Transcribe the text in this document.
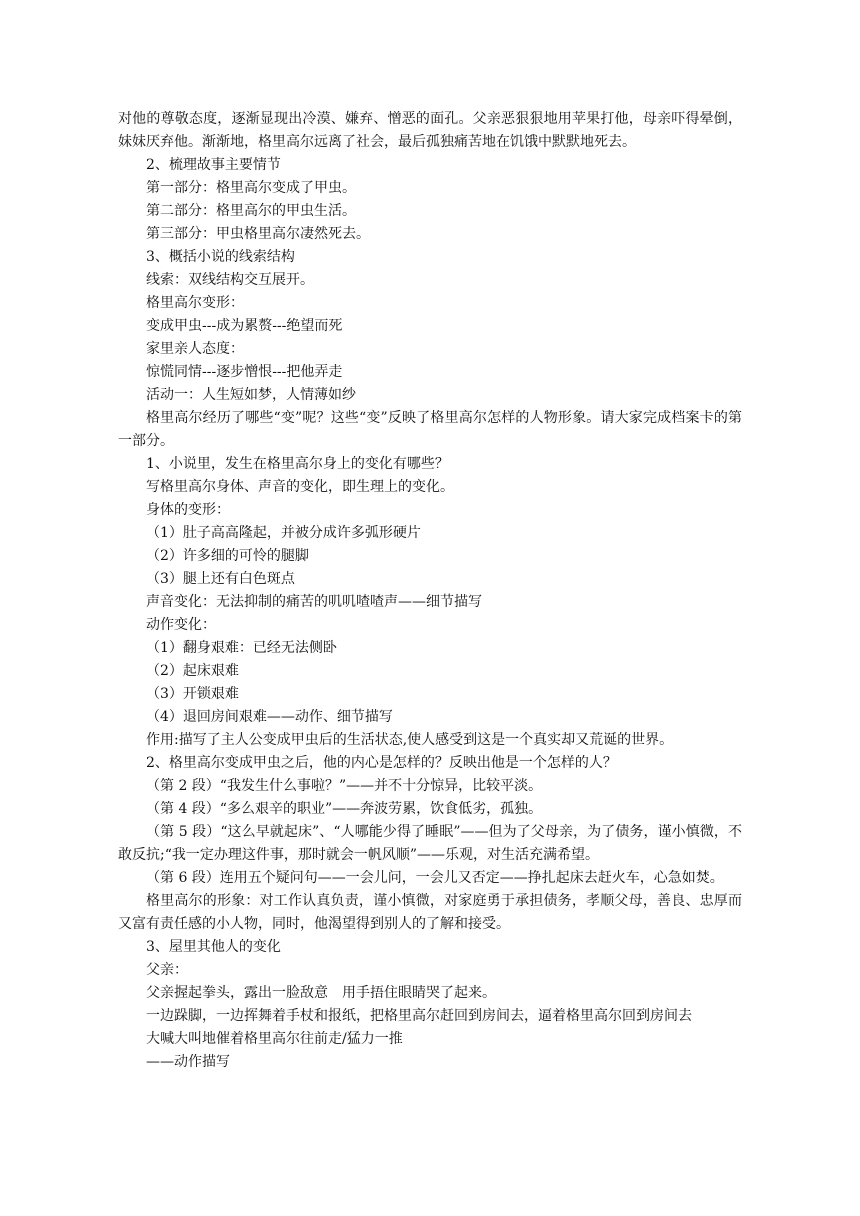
对他的尊敬态度，逐渐显现出冷漠、嫌弃、憎恶的面孔。父亲恶狠狠地用苹果打他，母亲吓得晕倒，妹妹厌弃他。渐渐地，格里高尔远离了社会，最后孤独痛苦地在饥饿中默默地死去。

2、梳理故事主要情节

第一部分：格里高尔变成了甲虫。

第二部分：格里高尔的甲虫生活。

第三部分：甲虫格里高尔凄然死去。

3、概括小说的线索结构

线索：双线结构交互展开。

格里高尔变形：

变成甲虫---成为累赘---绝望而死

家里亲人态度：

惊慌同情---逐步憎恨---把他弄走

活动一：人生短如梦，人情薄如纱

格里高尔经历了哪些“变”呢？这些“变”反映了格里高尔怎样的人物形象。请大家完成档案卡的第一部分。

1、小说里，发生在格里高尔身上的变化有哪些？

写格里高尔身体、声音的变化，即生理上的变化。

身体的变形：

（1）肚子高高隆起，并被分成许多弧形硬片

（2）许多细的可怜的腿脚

（3）腿上还有白色斑点

声音变化：无法抑制的痛苦的叽叽喳喳声——细节描写

动作变化：

（1）翻身艰难：已经无法侧卧

（2）起床艰难

（3）开锁艰难

（4）退回房间艰难——动作、细节描写

作用:描写了主人公变成甲虫后的生活状态,使人感受到这是一个真实却又荒诞的世界。

2、格里高尔变成甲虫之后，他的内心是怎样的？反映出他是一个怎样的人？

（第 2 段）“我发生什么事啦？”——并不十分惊异，比较平淡。

（第 4 段）“多么艰辛的职业”——奔波劳累，饮食低劣，孤独。

（第 5 段）“这么早就起床”、“人哪能少得了睡眠”——但为了父母亲，为了债务，谨小慎微，不敢反抗;“我一定办理这件事，那时就会一帆风顺”——乐观，对生活充满希望。

（第 6 段）连用五个疑问句——一会儿问，一会儿又否定——挣扎起床去赶火车，心急如焚。

格里高尔的形象：对工作认真负责，谨小慎微，对家庭勇于承担债务，孝顺父母，善良、忠厚而又富有责任感的小人物，同时，他渴望得到别人的了解和接受。

3、屋里其他人的变化

父亲：

父亲握起拳头，露出一脸敌意　用手捂住眼睛哭了起来。

一边跺脚，一边挥舞着手杖和报纸，把格里高尔赶回到房间去，逼着格里高尔回到房间去

大喊大叫地催着格里高尔往前走/猛力一推

——动作描写
